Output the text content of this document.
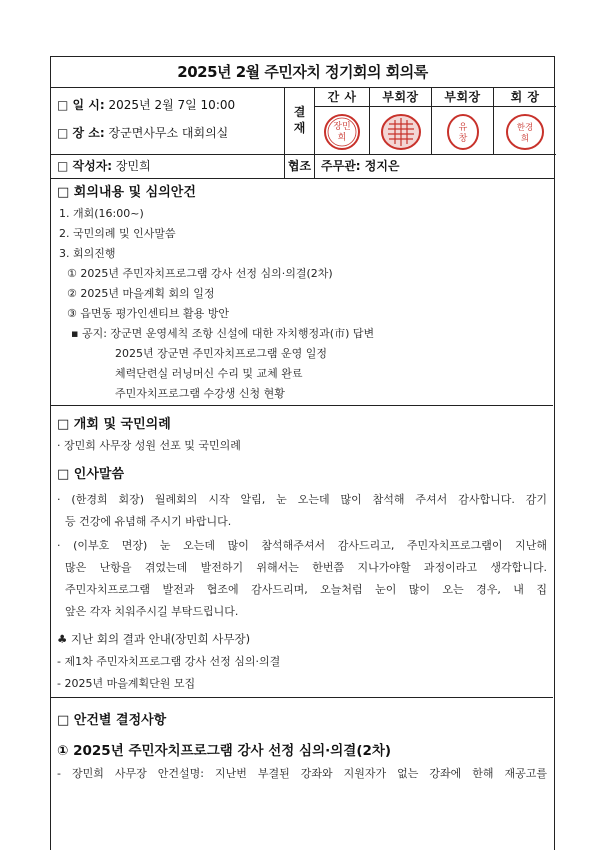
2025년 2월 주민자치 정기회의 회의록
□ 일 시: 2025년 2월 7일 10:00
□ 장 소: 장군면사무소 대회의실
□ 작성자: 장민희
결
재
간 사
장민
희
부회장	부회장
유
창
회 장
한경
희
협조 주무관: 정지은
□ 회의내용 및 심의안건
1. 개회(16:00~)
2. 국민의례 및 인사말씀
3. 회의진행
① 2025년 주민자치프로그램 강사 선정 심의·의결(2차)
② 2025년 마을계획 회의 일정
③ 읍면동 평가인센티브 활용 방안
▪ 공지: 장군면 운영세칙 조항 신설에 대한 자치행정과(市) 답변
2025년 장군면 주민자치프로그램 운영 일정
체력단련실 러닝머신 수리 및 교체 완료
주민자치프로그램 수강생 신청 현황
□ 개회 및 국민의례
· 장민희 사무장 성원 선포 및 국민의례
□ 인사말씀
· (한경희 회장) 월례회의 시작 알림, 눈 오는데 많이 참석해 주셔서 감사합니다. 감기
등 건강에 유념해 주시기 바랍니다.
· (이부호 면장) 눈 오는데 많이 참석해주셔서 감사드리고, 주민자치프로그램이 지난해
많은 난항을 겪었는데 발전하기 위해서는 한번쯤 지나가야할 과정이라고 생각합니다.
주민자치프로그램 발전과 협조에 감사드리며, 오늘처럼 눈이 많이 오는 경우, 내 집
앞은 각자 치워주시길 부탁드립니다.
♣ 지난 회의 결과 안내(장민희 사무장)
- 제1차 주민자치프로그램 강사 선정 심의·의결
- 2025년 마을계획단원 모집
□ 안건별 결정사항
① 2025년 주민자치프로그램 강사 선정 심의·의결(2차)
- 장민희 사무장 안건설명: 지난번 부결된 강좌와 지원자가 없는 강좌에 한해 재공고를
